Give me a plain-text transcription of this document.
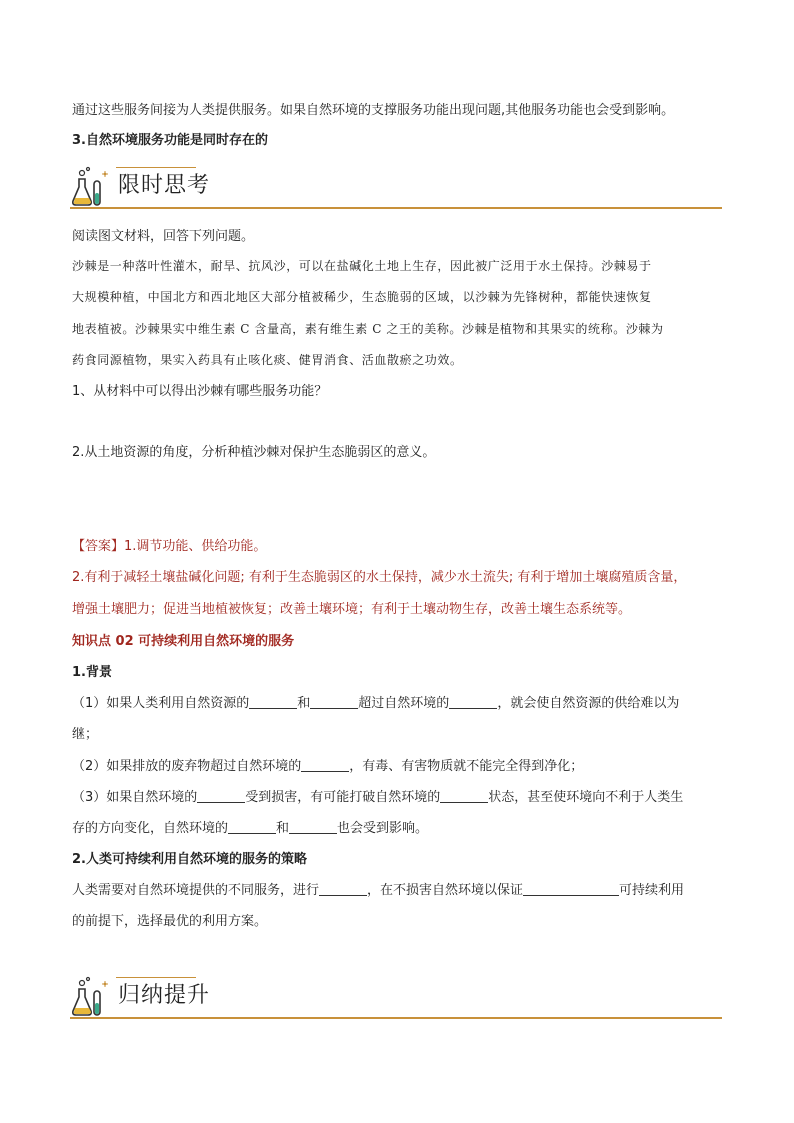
通过这些服务间接为人类提供服务。如果自然环境的支撑服务功能出现问题,其他服务功能也会受到影响。
3.自然环境服务功能是同时存在的
限时思考
阅读图文材料，回答下列问题。
沙棘是一种落叶性灌木，耐旱、抗风沙，可以在盐碱化土地上生存，因此被广泛用于水土保持。沙棘易于
大规模种植，中国北方和西北地区大部分植被稀少，生态脆弱的区域，以沙棘为先锋树种，都能快速恢复
地表植被。沙棘果实中维生素 C 含量高，素有维生素 C 之王的美称。沙棘是植物和其果实的统称。沙棘为
药食同源植物，果实入药具有止咳化痰、健胃消食、活血散瘀之功效。
1、从材料中可以得出沙棘有哪些服务功能？
2.从土地资源的角度，分析种植沙棘对保护生态脆弱区的意义。
【答案】1.调节功能、供给功能。
2.有利于减轻土壤盐碱化问题; 有利于生态脆弱区的水土保持，减少水土流失; 有利于增加土壤腐殖质含量，
增强土壤肥力；促进当地植被恢复；改善土壤环境；有利于土壤动物生存，改善土壤生态系统等。
知识点 02 可持续利用自然环境的服务
1.背景
（1）如果人类利用自然资源的	和	超过自然环境的	，就会使自然资源的供给难以为
继；
（2）如果排放的废弃物超过自然环境的	，有毒、有害物质就不能完全得到净化；
（3）如果自然环境的	受到损害，有可能打破自然环境的	状态，甚至使环境向不利于人类生
存的方向变化，自然环境的	和	也会受到影响。
2.人类可持续利用自然环境的服务的策略
人类需要对自然环境提供的不同服务，进行	，在不损害自然环境以保证	可持续利用
的前提下，选择最优的利用方案。
归纳提升
